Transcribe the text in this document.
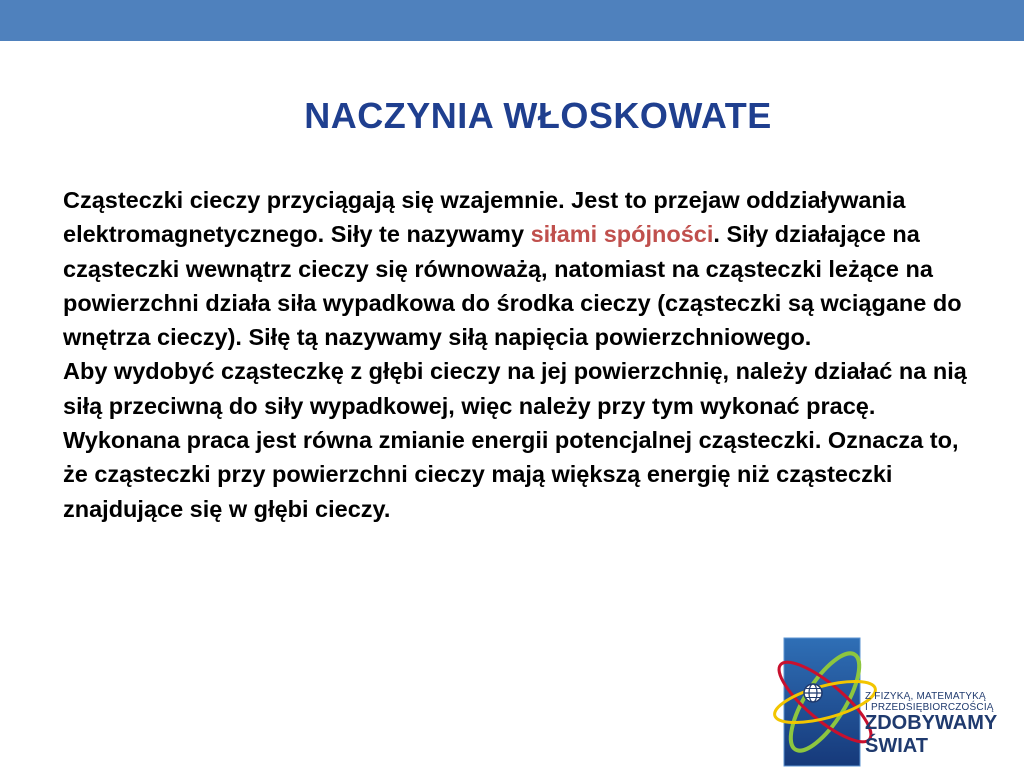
NACZYNIA WŁOSKOWATE

Cząsteczki cieczy przyciągają się wzajemnie. Jest to przejaw oddziaływania elektromagnetycznego. Siły te nazywamy siłami spójności. Siły działające na cząsteczki wewnątrz cieczy się równoważą, natomiast na cząsteczki leżące na powierzchni działa siła wypadkowa do środka cieczy (cząsteczki są wciągane do wnętrza cieczy). Siłę tą nazywamy siłą napięcia powierzchniowego.

Aby wydobyć cząsteczkę z głębi cieczy na jej powierzchnię, należy działać na nią siłą przeciwną do siły wypadkowej, więc należy przy tym wykonać pracę. Wykonana praca jest równa zmianie energii potencjalnej cząsteczki. Oznacza to, że cząsteczki przy powierzchni cieczy mają większą energię niż cząsteczki znajdujące się w głębi cieczy.

Z FIZYKĄ, MATEMATYKĄ
I PRZEDSIĘBIORCZOŚCIĄ
ZDOBYWAMY
ŚWIAT
